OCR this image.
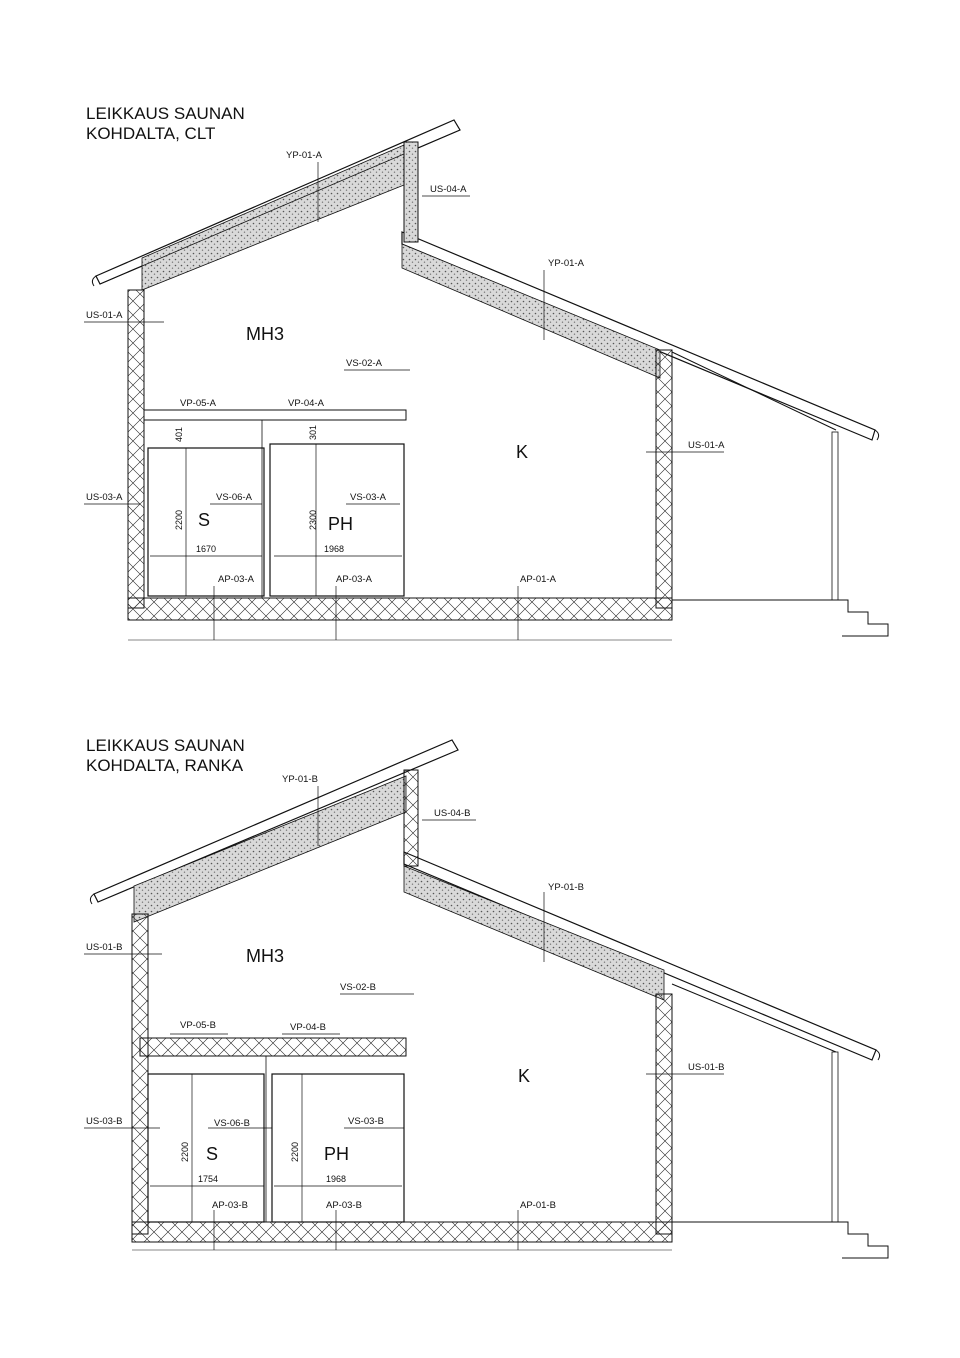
LEIKKAUS SAUNAN
KOHDALTA, CLT
YP-01-A
US-04-A
YP-01-A
US-01-A
VS-02-A
VP-05-A	VP-04-A
US-01-A
US-03-A	VS-06-A	VS-03-A
AP-03-A	AP-03-A	AP-01-A
MH3
K
S	PH
401	301
2200	2300
1670	1968
LEIKKAUS SAUNAN
KOHDALTA, RANKA
YP-01-B
US-04-B
YP-01-B
US-01-B
VS-02-B
VP-05-B	VP-04-B
US-01-B
US-03-B	VS-06-B	VS-03-B
AP-03-B	AP-03-B	AP-01-B
MH3
K
S	PH
2200	2200
1754	1968
